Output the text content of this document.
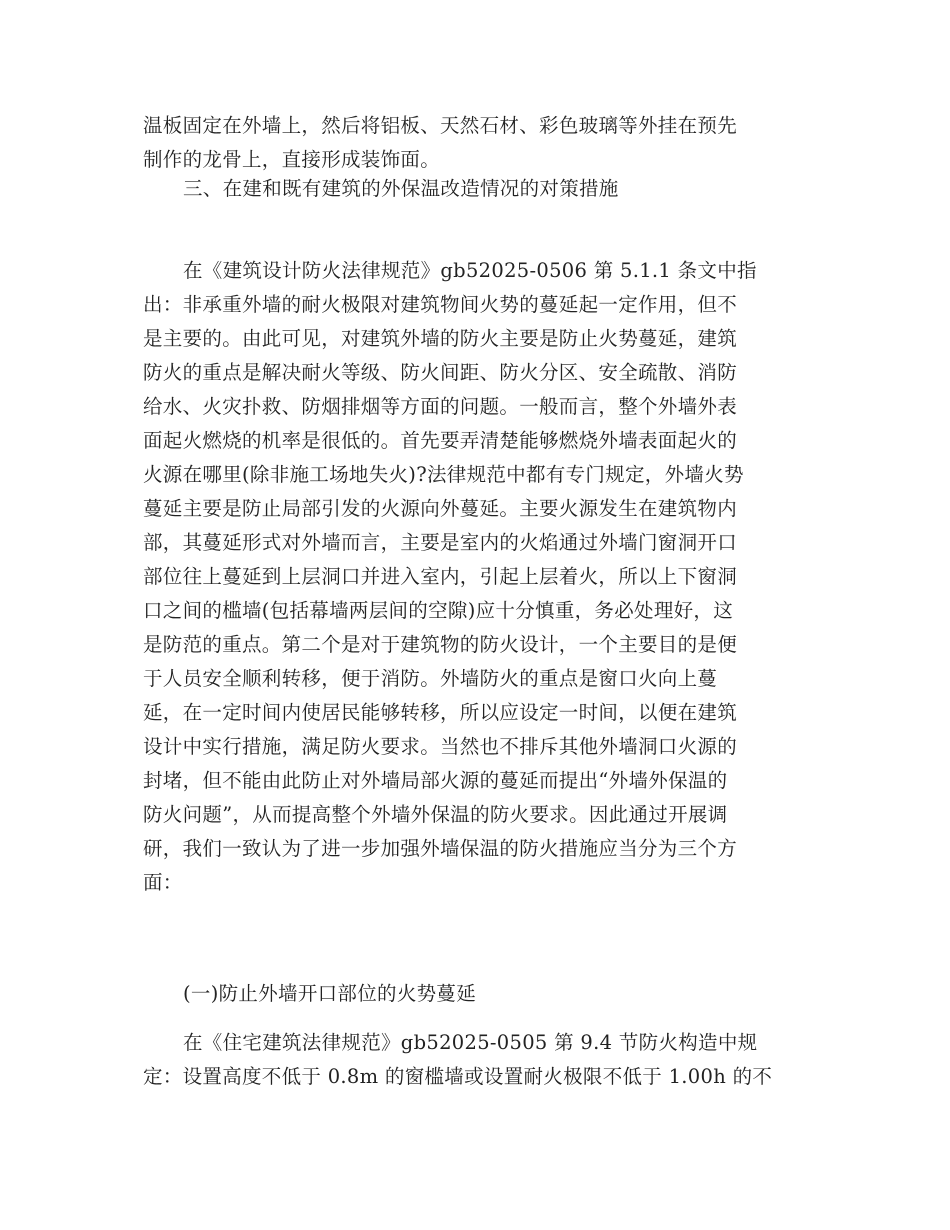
温板固定在外墙上，然后将铝板、天然石材、彩色玻璃等外挂在预先
制作的龙骨上，直接形成装饰面。
三、在建和既有建筑的外保温改造情况的对策措施
在《建筑设计防火法律规范》gb52025-0506 第 5.1.1 条文中指
出：非承重外墙的耐火极限对建筑物间火势的蔓延起一定作用，但不
是主要的。由此可见，对建筑外墙的防火主要是防止火势蔓延，建筑
防火的重点是解决耐火等级、防火间距、防火分区、安全疏散、消防
给水、火灾扑救、防烟排烟等方面的问题。一般而言，整个外墙外表
面起火燃烧的机率是很低的。首先要弄清楚能够燃烧外墙表面起火的
火源在哪里(除非施工场地失火)?法律规范中都有专门规定，外墙火势
蔓延主要是防止局部引发的火源向外蔓延。主要火源发生在建筑物内
部，其蔓延形式对外墙而言，主要是室内的火焰通过外墙门窗洞开口
部位往上蔓延到上层洞口并进入室内，引起上层着火，所以上下窗洞
口之间的槛墙(包括幕墙两层间的空隙)应十分慎重，务必处理好，这
是防范的重点。第二个是对于建筑物的防火设计，一个主要目的是便
于人员安全顺利转移，便于消防。外墙防火的重点是窗口火向上蔓
延，在一定时间内使居民能够转移，所以应设定一时间，以便在建筑
设计中实行措施，满足防火要求。当然也不排斥其他外墙洞口火源的
封堵，但不能由此防止对外墙局部火源的蔓延而提出“外墙外保温的
防火问题”，从而提高整个外墙外保温的防火要求。因此通过开展调
研，我们一致认为了进一步加强外墙保温的防火措施应当分为三个方
面：
(一)防止外墙开口部位的火势蔓延
在《住宅建筑法律规范》gb52025-0505 第 9.4 节防火构造中规
定：设置高度不低于 0.8m 的窗槛墙或设置耐火极限不低于 1.00h 的不
